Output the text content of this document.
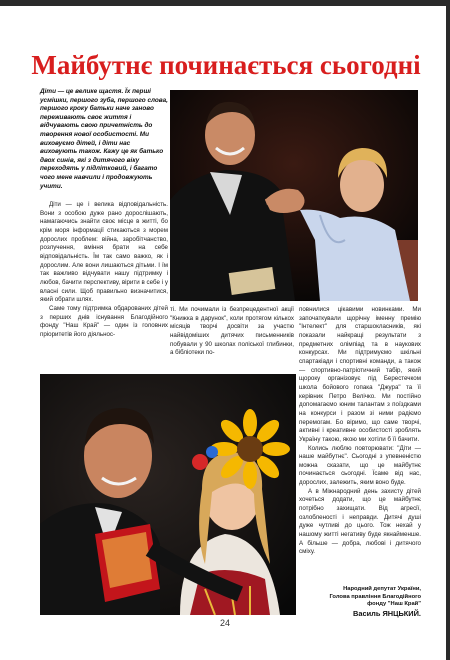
Майбутнє починається сьогодні
Діти — це велике щастя. Їх перші усмішки, першого зуба, першого слова, першого кроку батьки наче заново переживають своє життя і відчувають свою причетність до творення нової особистості. Ми виховуємо дітей, і діти нас виховують також. Кажу це як батько двох синів, які з дитячого віку переходять у підлітковий, і багато чого мене навчили і продовжують учити.

Діти — це і велика відповідальність. Вони з особою дуже рано дорослішають, намагаючись знайти своє місце в житті, бо крім моря інформації стикаються з морем дорослих проблем: війна, заробітчанство, розлучення, вміння брати на себе відповідальність. Їм так само важко, як і дорослим. Але вони лишаються дітьми. І їм так важливо відчувати нашу підтримку і любов, бачити перспективу, вірити в себе і у власні сили. Щоб правильно визначитися, який обрати шлях.

Саме тому підтримка обдарованих дітей з перших днів існування Благодійного фонду "Наш Край" — один із головних пріоритетів його діяльнос-

ті. Ми почимали із безпрецедентної акції "Книжка в дарунок", коли протягом кількох місяців творчі досвіти за участю найвідоміших дитячих письменників побували у 90 школах поліської глибинки, а бібліотеки по-

повнилися цікавими новинками. Ми започаткували щорічну іменну премію "Інтелект" для старшокласників, які показали найкращі результати з предметних олімпіад та в наукових конкурсах. Ми підтримуємо шкільні спартакіади і спортивні команди, а також — спортивно-патріотичний табір, який щороку організовує під Берестечком школа бойового гопака "Джура" та її керівник Петро Велічко. Ми постійно допомагаємо юним талантам з поїздками на конкурси і разом зі ними радіємо перемогам. Бо віримо, що саме творчі, активні і креативне особистості зроблять Україну такою, якою ми хотіли б її бачити.

Колись люблю повторювати: "Діти — наше майбутнє". Сьогодні з упевненістю можна сказати, що це майбутнє починається сьогодні. Їсаме від нас, дорослих, залежить, яким воно буде.

А в Міжнародний день захисту дітей хочеться додати, що це майбутнє потрібно захищати. Від агресії, озлобленості і неправди. Дитячі душі дуже чутливі до цього. Тож нехай у нашому житті негативу буде якнайменше. А більше — добра, любові і дитячого сміху.

Народний депутат України,
Голова правління Благодійного
фонду "Наш Край"
Василь ЯНЦЬКИЙ.
24
